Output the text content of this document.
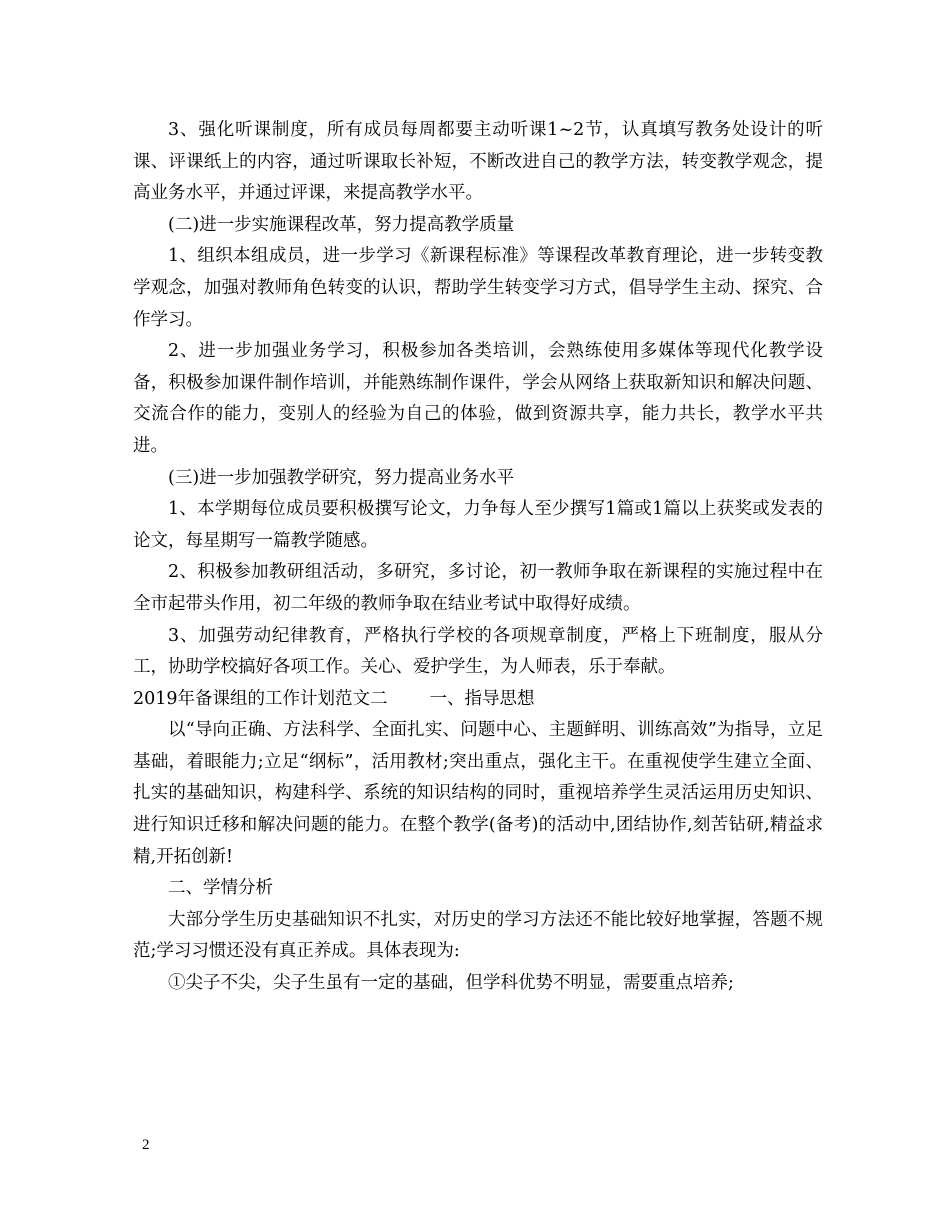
3、强化听课制度，所有成员每周都要主动听课1~2节，认真填写教务处设计的听课、评课纸上的内容，通过听课取长补短，不断改进自己的教学方法，转变教学观念，提高业务水平，并通过评课，来提高教学水平。

(二)进一步实施课程改革，努力提高教学质量

1、组织本组成员，进一步学习《新课程标准》等课程改革教育理论，进一步转变教学观念，加强对教师角色转变的认识，帮助学生转变学习方式，倡导学生主动、探究、合作学习。

2、进一步加强业务学习，积极参加各类培训，会熟练使用多媒体等现代化教学设备，积极参加课件制作培训，并能熟练制作课件，学会从网络上获取新知识和解决问题、交流合作的能力，变别人的经验为自己的体验，做到资源共享，能力共长，教学水平共进。

(三)进一步加强教学研究，努力提高业务水平

1、本学期每位成员要积极撰写论文，力争每人至少撰写1篇或1篇以上获奖或发表的论文，每星期写一篇教学随感。

2、积极参加教研组活动，多研究，多讨论，初一教师争取在新课程的实施过程中在全市起带头作用，初二年级的教师争取在结业考试中取得好成绩。

3、加强劳动纪律教育，严格执行学校的各项规章制度，严格上下班制度，服从分工，协助学校搞好各项工作。关心、爱护学生，为人师表，乐于奉献。

2019年备课组的工作计划范文二 一、指导思想

以“导向正确、方法科学、全面扎实、问题中心、主题鲜明、训练高效”为指导，立足基础，着眼能力;立足“纲标”，活用教材;突出重点，强化主干。在重视使学生建立全面、扎实的基础知识，构建科学、系统的知识结构的同时，重视培养学生灵活运用历史知识、进行知识迁移和解决问题的能力。在整个教学(备考)的活动中,团结协作,刻苦钻研,精益求精,开拓创新!

二、学情分析

大部分学生历史基础知识不扎实，对历史的学习方法还不能比较好地掌握，答题不规范;学习习惯还没有真正养成。具体表现为:

①尖子不尖，尖子生虽有一定的基础，但学科优势不明显，需要重点培养;

2
